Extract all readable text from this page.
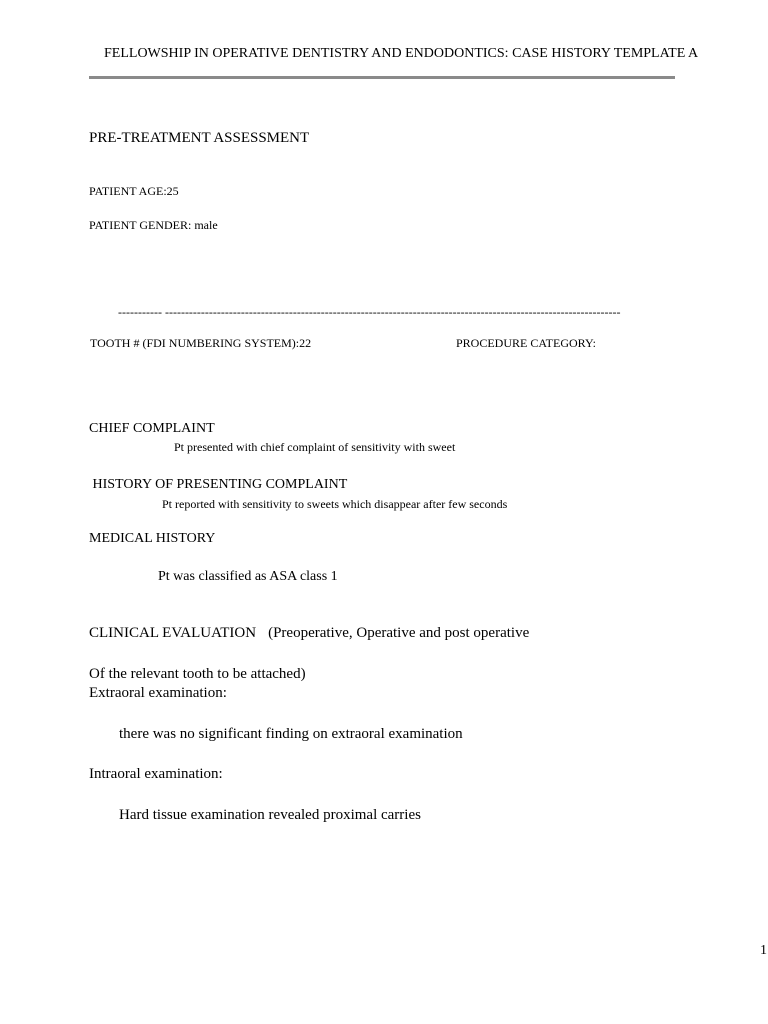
FELLOWSHIP IN OPERATIVE DENTISTRY AND ENDODONTICS: CASE HISTORY TEMPLATE A
PRE-TREATMENT ASSESSMENT
PATIENT AGE:25
PATIENT GENDER: male
----------- ------------------------------------------------------------------------------------------------------------------
TOOTH # (FDI NUMBERING SYSTEM):22	PROCEDURE CATEGORY:
CHIEF COMPLAINT
Pt presented with chief complaint of sensitivity with sweet
HISTORY OF PRESENTING COMPLAINT
Pt reported with sensitivity to sweets which disappear after few seconds
MEDICAL HISTORY
Pt was classified as ASA class 1
CLINICAL EVALUATION (Preoperative, Operative and post operative
Of the relevant tooth to be attached)
Extraoral examination:
there was no significant finding on extraoral examination
Intraoral examination:
Hard tissue examination revealed proximal carries
1
